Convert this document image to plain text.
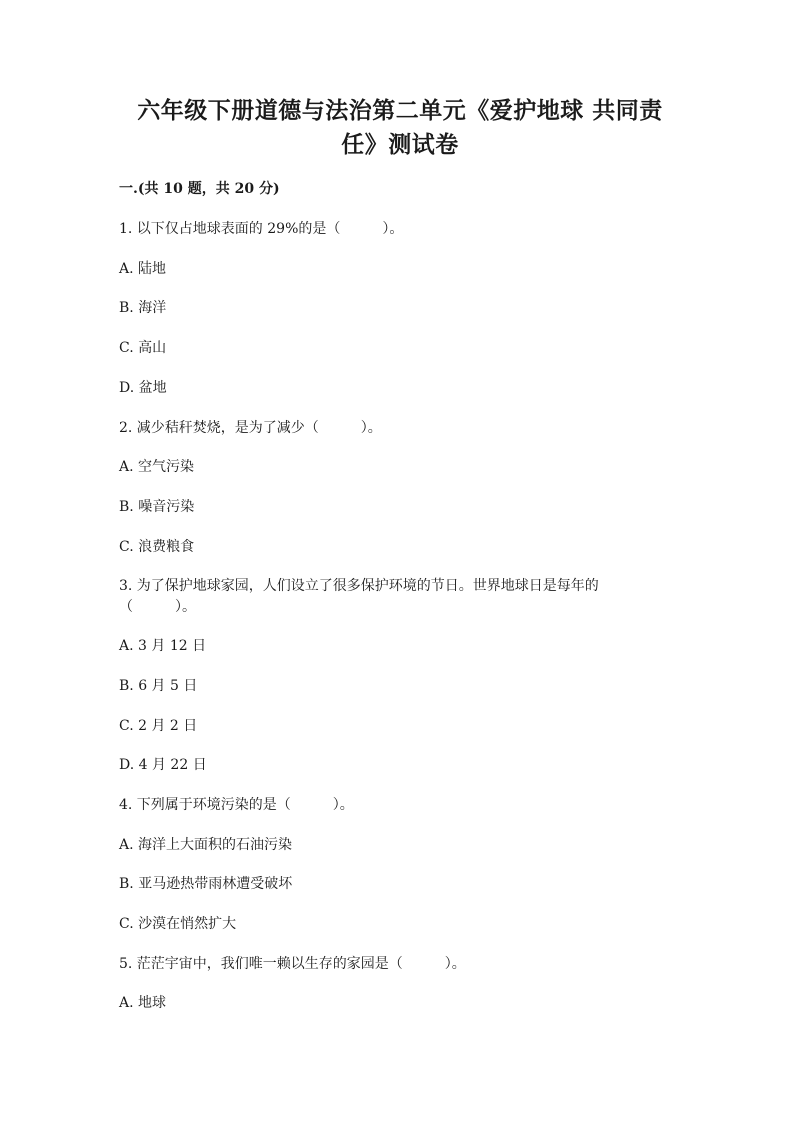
六年级下册道德与法治第二单元《爱护地球 共同责
任》测试卷
一.(共 10 题，共 20 分)
1. 以下仅占地球表面的 29%的是（　　　）。
A. 陆地
B. 海洋
C. 高山
D. 盆地
2. 减少秸秆焚烧，是为了减少（　　　）。
A. 空气污染
B. 噪音污染
C. 浪费粮食
3. 为了保护地球家园，人们设立了很多保护环境的节日。世界地球日是每年的
（　　　）。
A. 3 月 12 日
B. 6 月 5 日
C. 2 月 2 日
D. 4 月 22 日
4. 下列属于环境污染的是（　　　）。
A. 海洋上大面积的石油污染
B. 亚马逊热带雨林遭受破坏
C. 沙漠在悄然扩大
5. 茫茫宇宙中，我们唯一赖以生存的家园是（　　　）。
A. 地球
